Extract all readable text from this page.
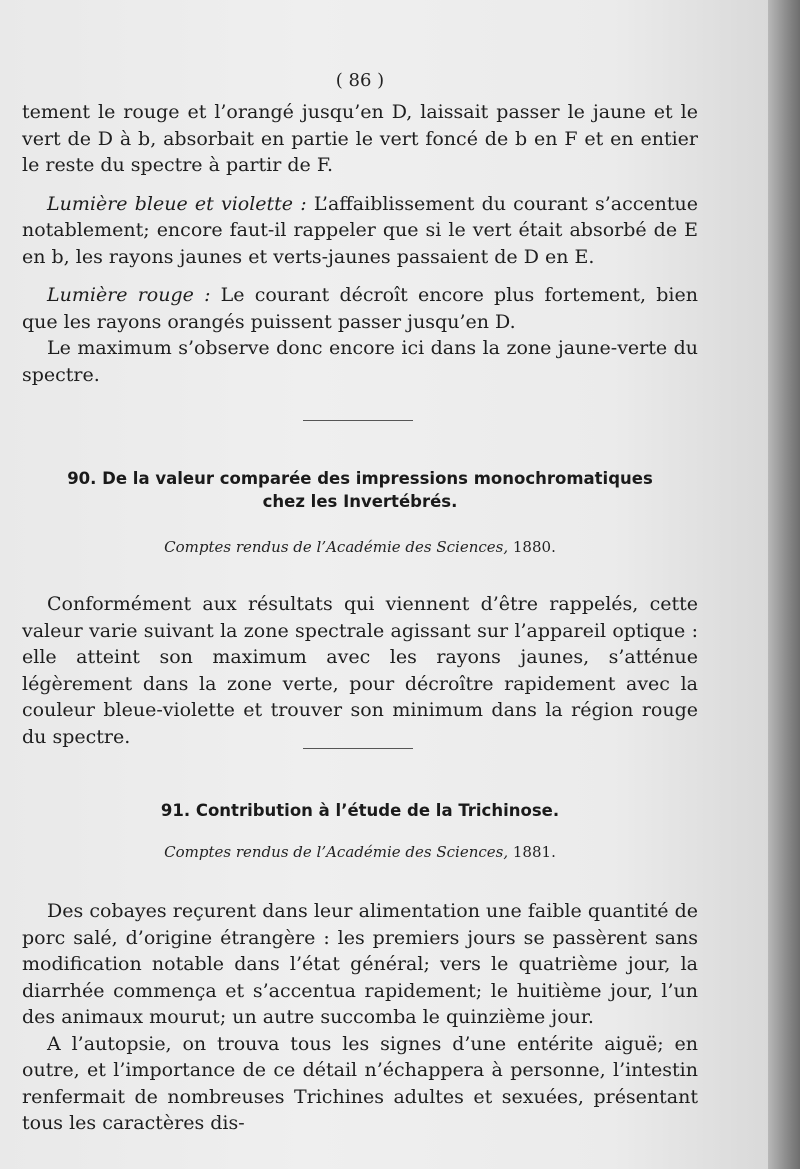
( 86 )

tement le rouge et l’orangé jusqu’en D, laissait passer le jaune et le vert de D à b, absorbait en partie le vert foncé de b en F et en entier le reste du spectre à partir de F.

Lumière bleue et violette : L’affaiblissement du courant s’accentue notablement; encore faut-il rappeler que si le vert était absorbé de E en b, les rayons jaunes et verts-jaunes passaient de D en E.

Lumière rouge : Le courant décroît encore plus fortement, bien que les rayons orangés puissent passer jusqu’en D.

Le maximum s’observe donc encore ici dans la zone jaune-verte du spectre.

90. De la valeur comparée des impressions monochromatiques
chez les Invertébrés.
Comptes rendus de l’Académie des Sciences, 1880.

Conformément aux résultats qui viennent d’être rappelés, cette valeur varie suivant la zone spectrale agissant sur l’appareil optique : elle atteint son maximum avec les rayons jaunes, s’atténue légèrement dans la zone verte, pour décroître rapidement avec la couleur bleue-violette et trouver son minimum dans la région rouge du spectre.

91. Contribution à l’étude de la Trichinose.
Comptes rendus de l’Académie des Sciences, 1881.

Des cobayes reçurent dans leur alimentation une faible quantité de porc salé, d’origine étrangère : les premiers jours se passèrent sans modification notable dans l’état général; vers le quatrième jour, la diarrhée commença et s’accentua rapidement; le huitième jour, l’un des animaux mourut; un autre succomba le quinzième jour.

A l’autopsie, on trouva tous les signes d’une entérite aiguë; en outre, et l’importance de ce détail n’échappera à personne, l’intestin renfermait de nombreuses Trichines adultes et sexuées, présentant tous les caractères dis-
